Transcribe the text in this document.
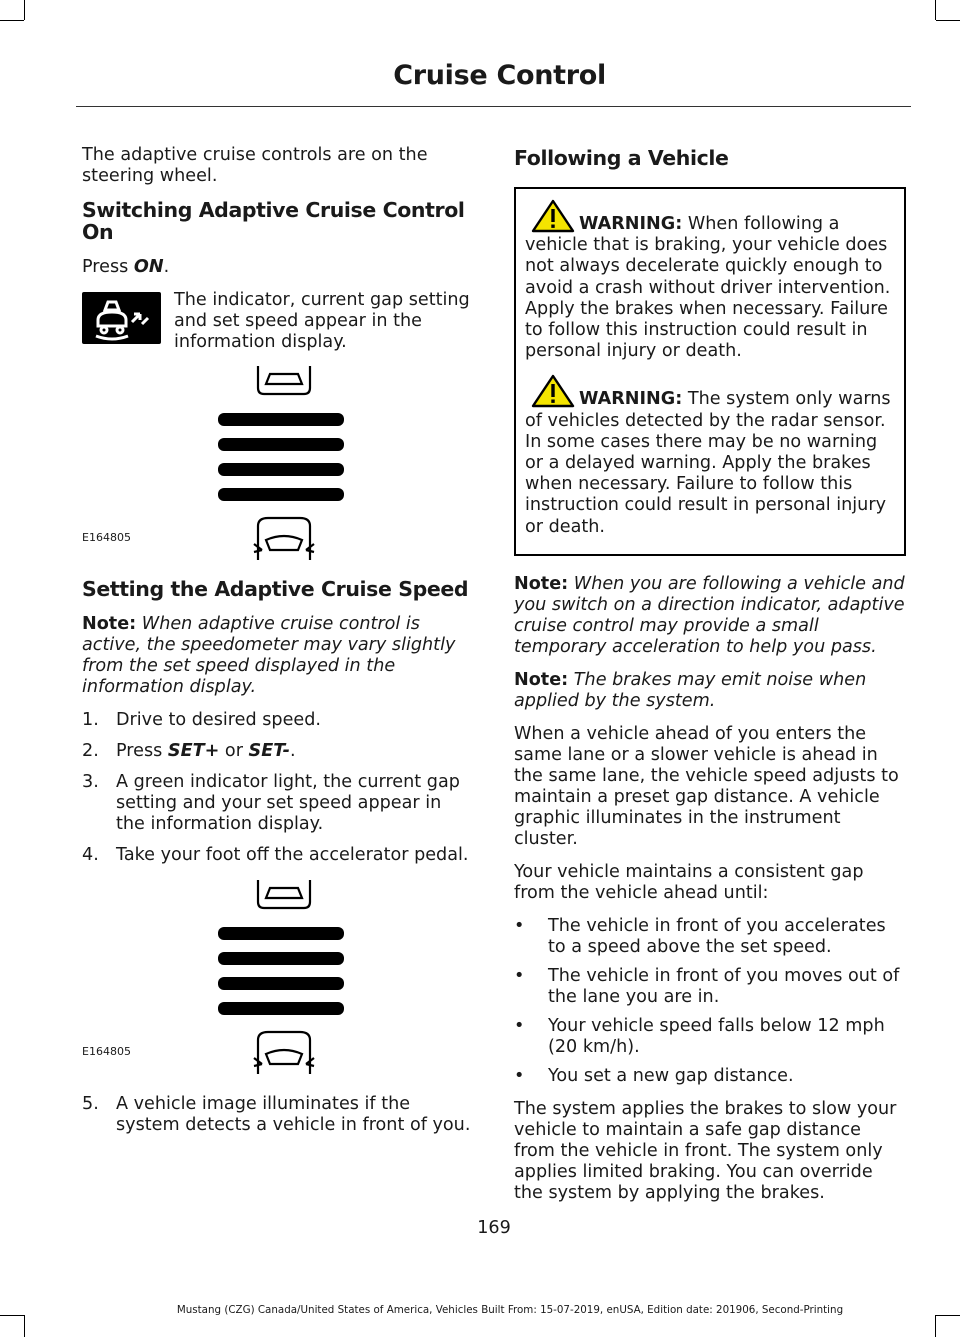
Cruise Control

The adaptive cruise controls are on the steering wheel.

Switching Adaptive Cruise Control On

Press ON.

The indicator, current gap setting and set speed appear in the information display.
E164805
Setting the Adaptive Cruise Speed

Note: When adaptive cruise control is active, the speedometer may vary slightly from the set speed displayed in the information display.

1. Drive to desired speed.
2. Press SET+ or SET-.
3. A green indicator light, the current gap setting and your set speed appear in the information display.
4. Take your foot off the accelerator pedal.
E164805
5. A vehicle image illuminates if the system detects a vehicle in front of you.
Following a Vehicle

WARNING: When following a vehicle that is braking, your vehicle does not always decelerate quickly enough to avoid a crash without driver intervention. Apply the brakes when necessary. Failure to follow this instruction could result in personal injury or death.

WARNING: The system only warns of vehicles detected by the radar sensor. In some cases there may be no warning or a delayed warning. Apply the brakes when necessary. Failure to follow this instruction could result in personal injury or death.

Note: When you are following a vehicle and you switch on a direction indicator, adaptive cruise control may provide a small temporary acceleration to help you pass.

Note: The brakes may emit noise when applied by the system.

When a vehicle ahead of you enters the same lane or a slower vehicle is ahead in the same lane, the vehicle speed adjusts to maintain a preset gap distance. A vehicle graphic illuminates in the instrument cluster.

Your vehicle maintains a consistent gap from the vehicle ahead until:

• The vehicle in front of you accelerates to a speed above the set speed.
• The vehicle in front of you moves out of the lane you are in.
• Your vehicle speed falls below 12 mph (20 km/h).
• You set a new gap distance.

The system applies the brakes to slow your vehicle to maintain a safe gap distance from the vehicle in front. The system only applies limited braking. You can override the system by applying the brakes.

169
Mustang (CZG) Canada/United States of America, Vehicles Built From: 15-07-2019, enUSA, Edition date: 201906, Second-Printing
